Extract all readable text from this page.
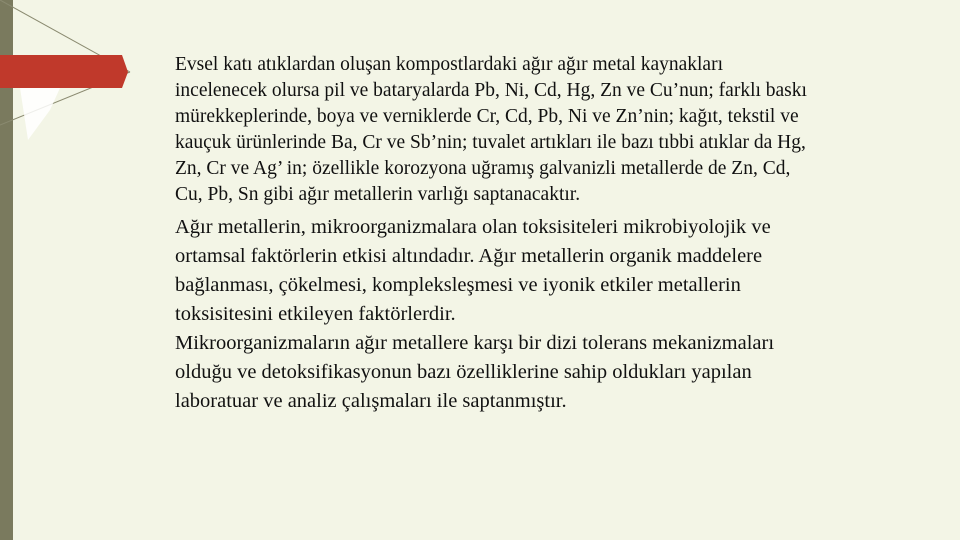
Evsel katı atıklardan oluşan kompostlardaki ağır ağır metal kaynakları incelenecek olursa pil ve bataryalarda Pb, Ni, Cd, Hg, Zn ve Cu’nun; farklı baskı mürekkeplerinde, boya ve verniklerde Cr, Cd, Pb, Ni ve Zn’nin; kağıt, tekstil ve kauçuk ürünlerinde Ba, Cr ve Sb’nin; tuvalet artıkları ile bazı tıbbi atıklar da Hg, Zn, Cr ve Ag’ in; özellikle korozyona uğramış galvanizli metallerde de Zn, Cd, Cu, Pb, Sn gibi ağır metallerin varlığı saptanacaktır.

Ağır metallerin, mikroorganizmalara olan toksisiteleri mikrobiyolojik ve ortamsal faktörlerin etkisi altındadır. Ağır metallerin organik maddelere bağlanması, çökelmesi, kompleksleşmesi ve iyonik etkiler metallerin toksisitesini etkileyen faktörlerdir.

Mikroorganizmaların ağır metallere karşı bir dizi tolerans mekanizmaları olduğu ve detoksifikasyonun bazı özelliklerine sahip oldukları yapılan laboratuar ve analiz çalışmaları ile saptanmıştır.
